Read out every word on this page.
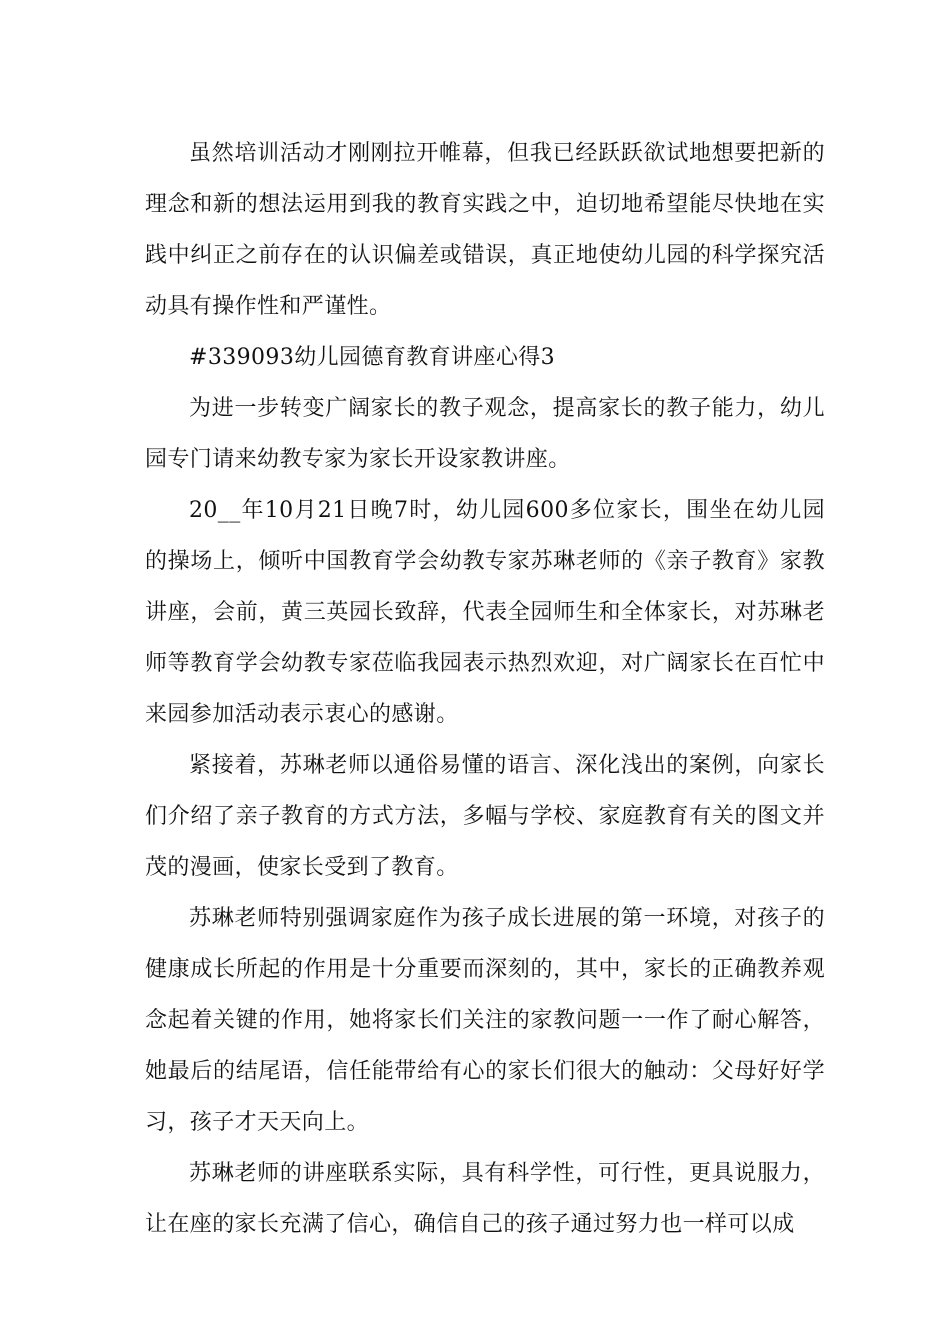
虽然培训活动才刚刚拉开帷幕，但我已经跃跃欲试地想要把新的理念和新的想法运用到我的教育实践之中，迫切地希望能尽快地在实践中纠正之前存在的认识偏差或错误，真正地使幼儿园的科学探究活动具有操作性和严谨性。

#339093幼儿园德育教育讲座心得3

为进一步转变广阔家长的教子观念，提高家长的教子能力，幼儿园专门请来幼教专家为家长开设家教讲座。

20__年10月21日晚7时，幼儿园600多位家长，围坐在幼儿园的操场上，倾听中国教育学会幼教专家苏琳老师的《亲子教育》家教讲座，会前，黄三英园长致辞，代表全园师生和全体家长，对苏琳老师等教育学会幼教专家莅临我园表示热烈欢迎，对广阔家长在百忙中来园参加活动表示衷心的感谢。

紧接着，苏琳老师以通俗易懂的语言、深化浅出的案例，向家长们介绍了亲子教育的方式方法，多幅与学校、家庭教育有关的图文并茂的漫画，使家长受到了教育。

苏琳老师特别强调家庭作为孩子成长进展的第一环境，对孩子的健康成长所起的作用是十分重要而深刻的，其中，家长的正确教养观念起着关键的作用，她将家长们关注的家教问题一一作了耐心解答，她最后的结尾语，信任能带给有心的家长们很大的触动：父母好好学习，孩子才天天向上。

苏琳老师的讲座联系实际，具有科学性，可行性，更具说服力，让在座的家长充满了信心，确信自己的孩子通过努力也一样可以成
